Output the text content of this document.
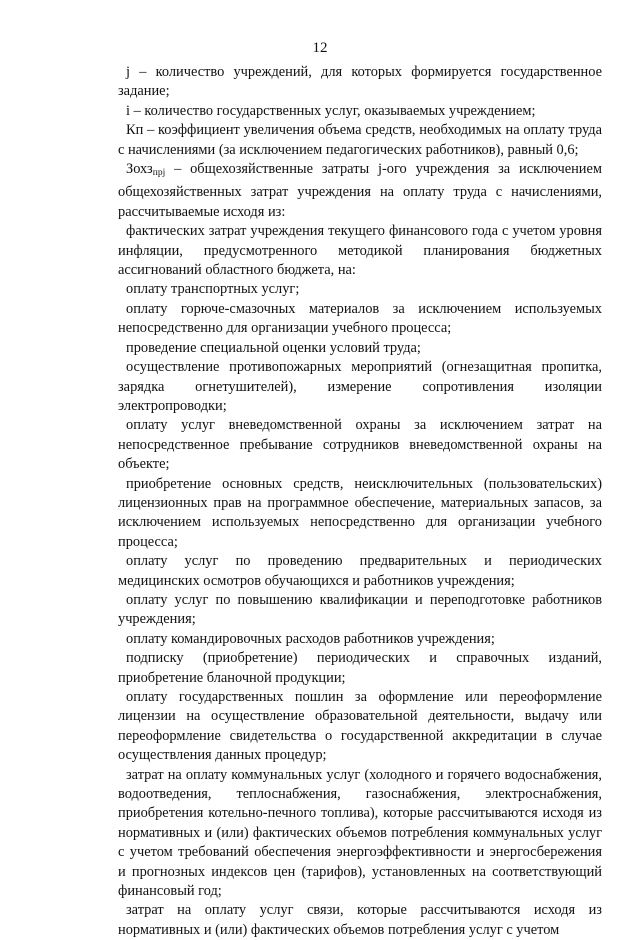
12

j – количество учреждений, для которых формируется государственное задание;

i – количество государственных услуг, оказываемых учреждением;

Кп – коэффициент увеличения объема средств, необходимых на оплату труда с начислениями (за исключением педагогических работников), равный 0,6;

Зохз$_{прj}$ – общехозяйственные затраты j-ого учреждения за исключением общехозяйственных затрат учреждения на оплату труда с начислениями, рассчитываемые исходя из:

фактических затрат учреждения текущего финансового года с учетом уровня инфляции, предусмотренного методикой планирования бюджетных ассигнований областного бюджета, на:

оплату транспортных услуг;

оплату горюче-смазочных материалов за исключением используемых непосредственно для организации учебного процесса;

проведение специальной оценки условий труда;

осуществление противопожарных мероприятий (огнезащитная пропитка, зарядка огнетушителей), измерение сопротивления изоляции электропроводки;

оплату услуг вневедомственной охраны за исключением затрат на непосредственное пребывание сотрудников вневедомственной охраны на объекте;

приобретение основных средств, неисключительных (пользовательских) лицензионных прав на программное обеспечение, материальных запасов, за исключением используемых непосредственно для организации учебного процесса;

оплату услуг по проведению предварительных и периодических медицинских осмотров обучающихся и работников учреждения;

оплату услуг по повышению квалификации и переподготовке работников учреждения;

оплату командировочных расходов работников учреждения;

подписку (приобретение) периодических и справочных изданий, приобретение бланочной продукции;

оплату государственных пошлин за оформление или переоформление лицензии на осуществление образовательной деятельности, выдачу или переоформление свидетельства о государственной аккредитации в случае осуществления данных процедур;

затрат на оплату коммунальных услуг (холодного и горячего водоснабжения, водоотведения, теплоснабжения, газоснабжения, электроснабжения, приобретения котельно-печного топлива), которые рассчитываются исходя из нормативных и (или) фактических объемов потребления коммунальных услуг с учетом требований обеспечения энергоэффективности и энергосбережения и прогнозных индексов цен (тарифов), установленных на соответствующий финансовый год;

затрат на оплату услуг связи, которые рассчитываются исходя из нормативных и (или) фактических объемов потребления услуг с учетом
